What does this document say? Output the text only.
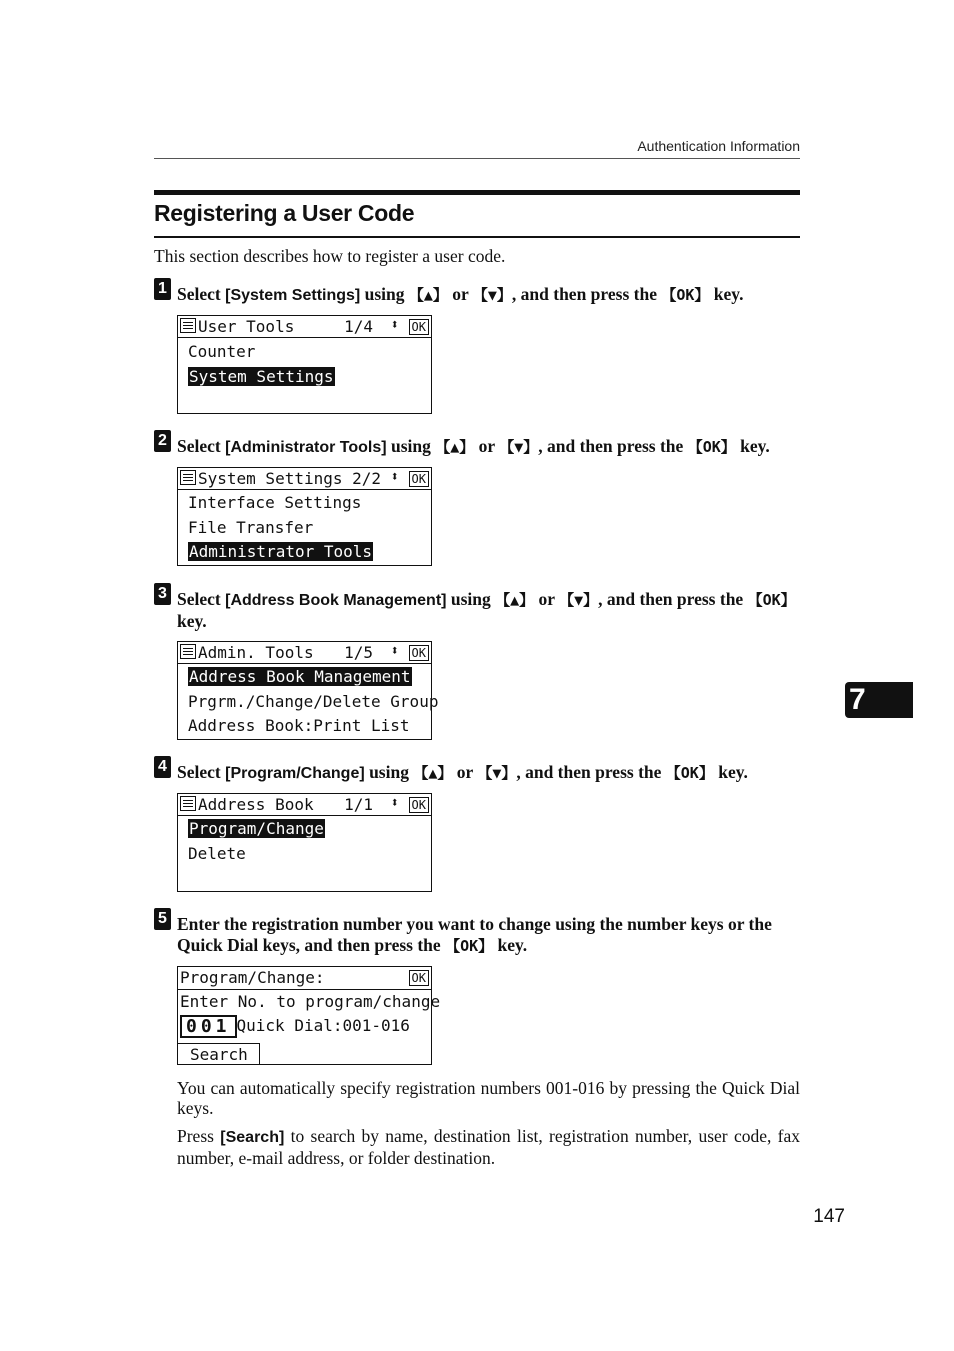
Authentication Information
Registering a User Code
This section describes how to register a user code.
1 Select [System Settings] using 【▲】 or 【▼】, and then press the 【OK】 key.
User Tools	1/4 ⬍ OK
Counter
System Settings
2 Select [Administrator Tools] using 【▲】 or 【▼】, and then press the 【OK】 key.
System Settings 2/2 ⬍ OK
Interface Settings
File Transfer
Administrator Tools
3 Select [Address Book Management] using 【▲】 or 【▼】, and then press the 【OK】 key.
Admin. Tools 1/5 ⬍ OK
Address Book Management
Prgrm./Change/Delete Group
Address Book:Print List
4 Select [Program/Change] using 【▲】 or 【▼】, and then press the 【OK】 key.
Address Book 1/1 ⬍ OK
Program/Change
Delete
5 Enter the registration number you want to change using the number keys or the Quick Dial keys, and then press the 【OK】 key.
Program/Change:	OK
Enter No. to program/change
001 Quick Dial:001-016
Search
You can automatically specify registration numbers 001-016 by pressing the Quick Dial keys.
Press [Search] to search by name, destination list, registration number, user code, fax number, e-mail address, or folder destination.
7
147
